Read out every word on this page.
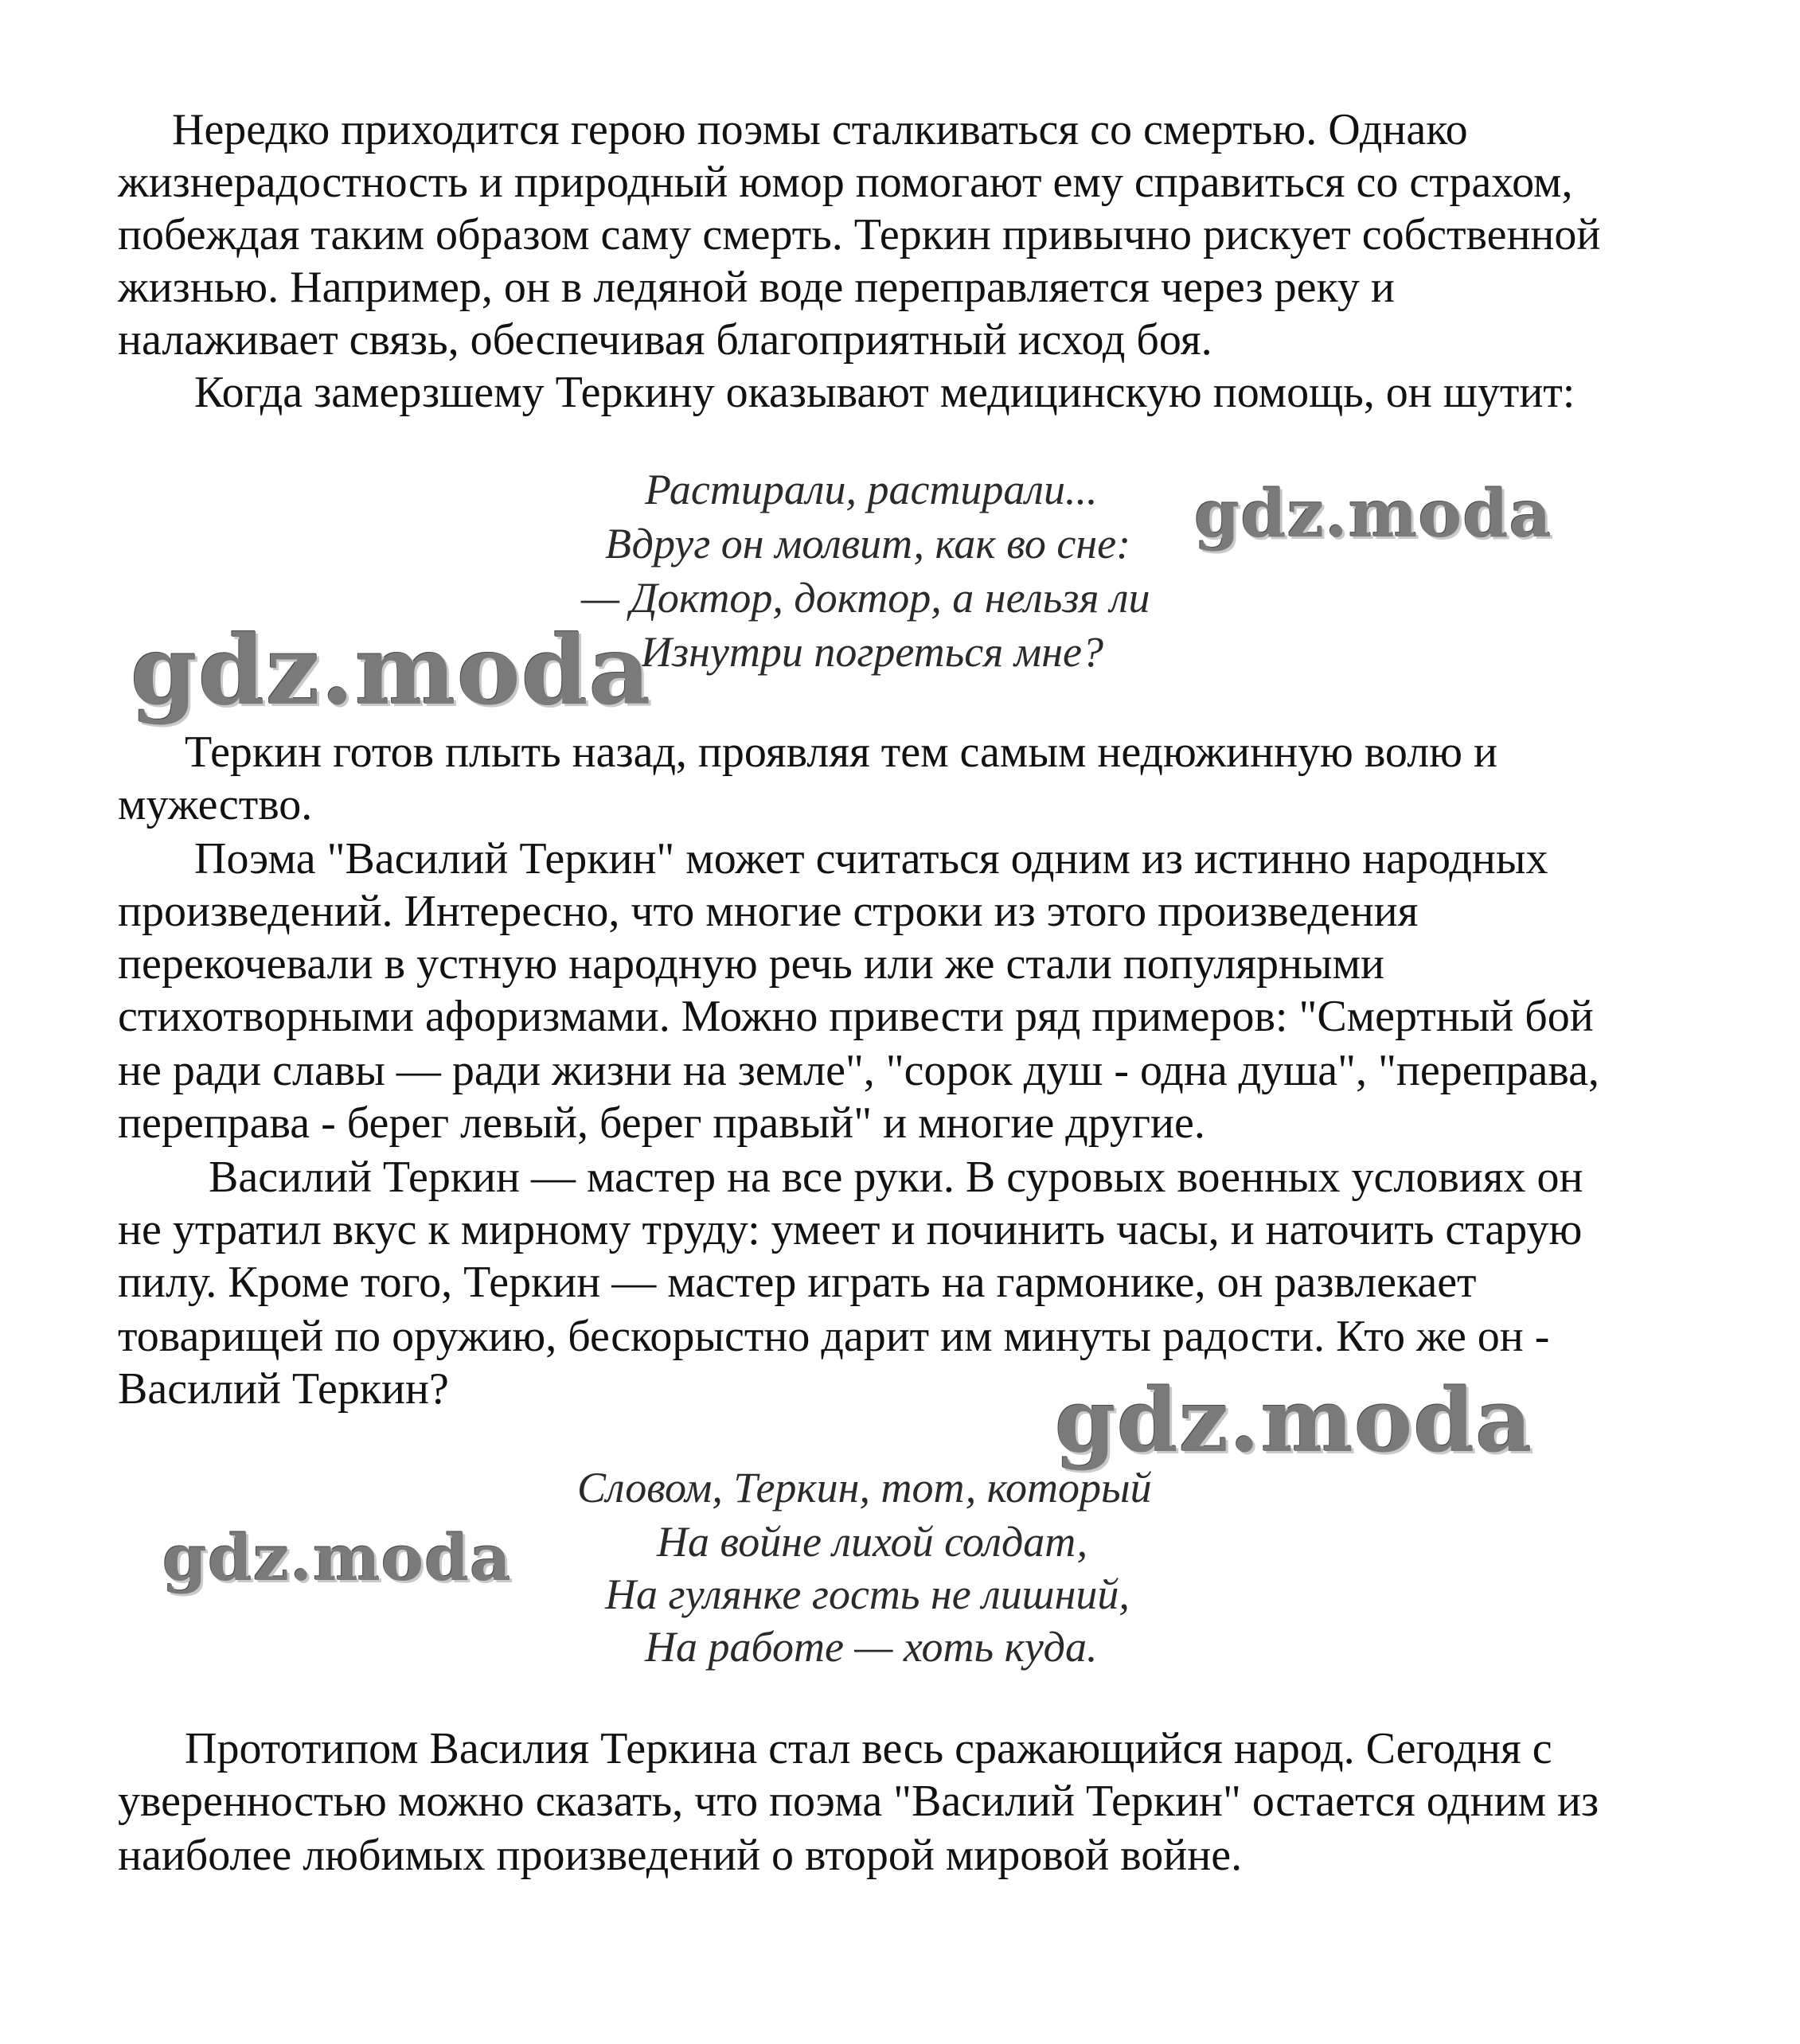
Нередко приходится герою поэмы сталкиваться со смертью. Однако

жизнерадостность и природный юмор помогают ему справиться со страхом,

побеждая таким образом саму смерть. Теркин привычно рискует собственной

жизнью. Например, он в ледяной воде переправляется через реку и

налаживает связь, обеспечивая благоприятный исход боя.

Когда замерзшему Теркину оказывают медицинскую помощь, он шутит:

Растирали, растирали...

Вдруг он молвит, как во сне:

— Доктор, доктор, а нельзя ли

Изнутри погреться мне?

Теркин готов плыть назад, проявляя тем самым недюжинную волю и

мужество.

Поэма "Василий Теркин" может считаться одним из истинно народных

произведений. Интересно, что многие строки из этого произведения

перекочевали в устную народную речь или же стали популярными

стихотворными афоризмами. Можно привести ряд примеров: "Смертный бой

не ради славы — ради жизни на земле", "сорок душ - одна душа", "переправа,

переправа - берег левый, берег правый" и многие другие.

Василий Теркин — мастер на все руки. В суровых военных условиях он

не утратил вкус к мирному труду: умеет и починить часы, и наточить старую

пилу. Кроме того, Теркин — мастер играть на гармонике, он развлекает

товарищей по оружию, бескорыстно дарит им минуты радости. Кто же он -

Василий Теркин?

Словом, Теркин, тот, который

На войне лихой солдат,

На гулянке гость не лишний,

На работе — хоть куда.

Прототипом Василия Теркина стал весь сражающийся народ. Сегодня с

уверенностью можно сказать, что поэма "Василий Теркин" остается одним из

наиболее любимых произведений о второй мировой войне.

gdz.moda

gdz.moda

gdz.moda

gdz.moda
